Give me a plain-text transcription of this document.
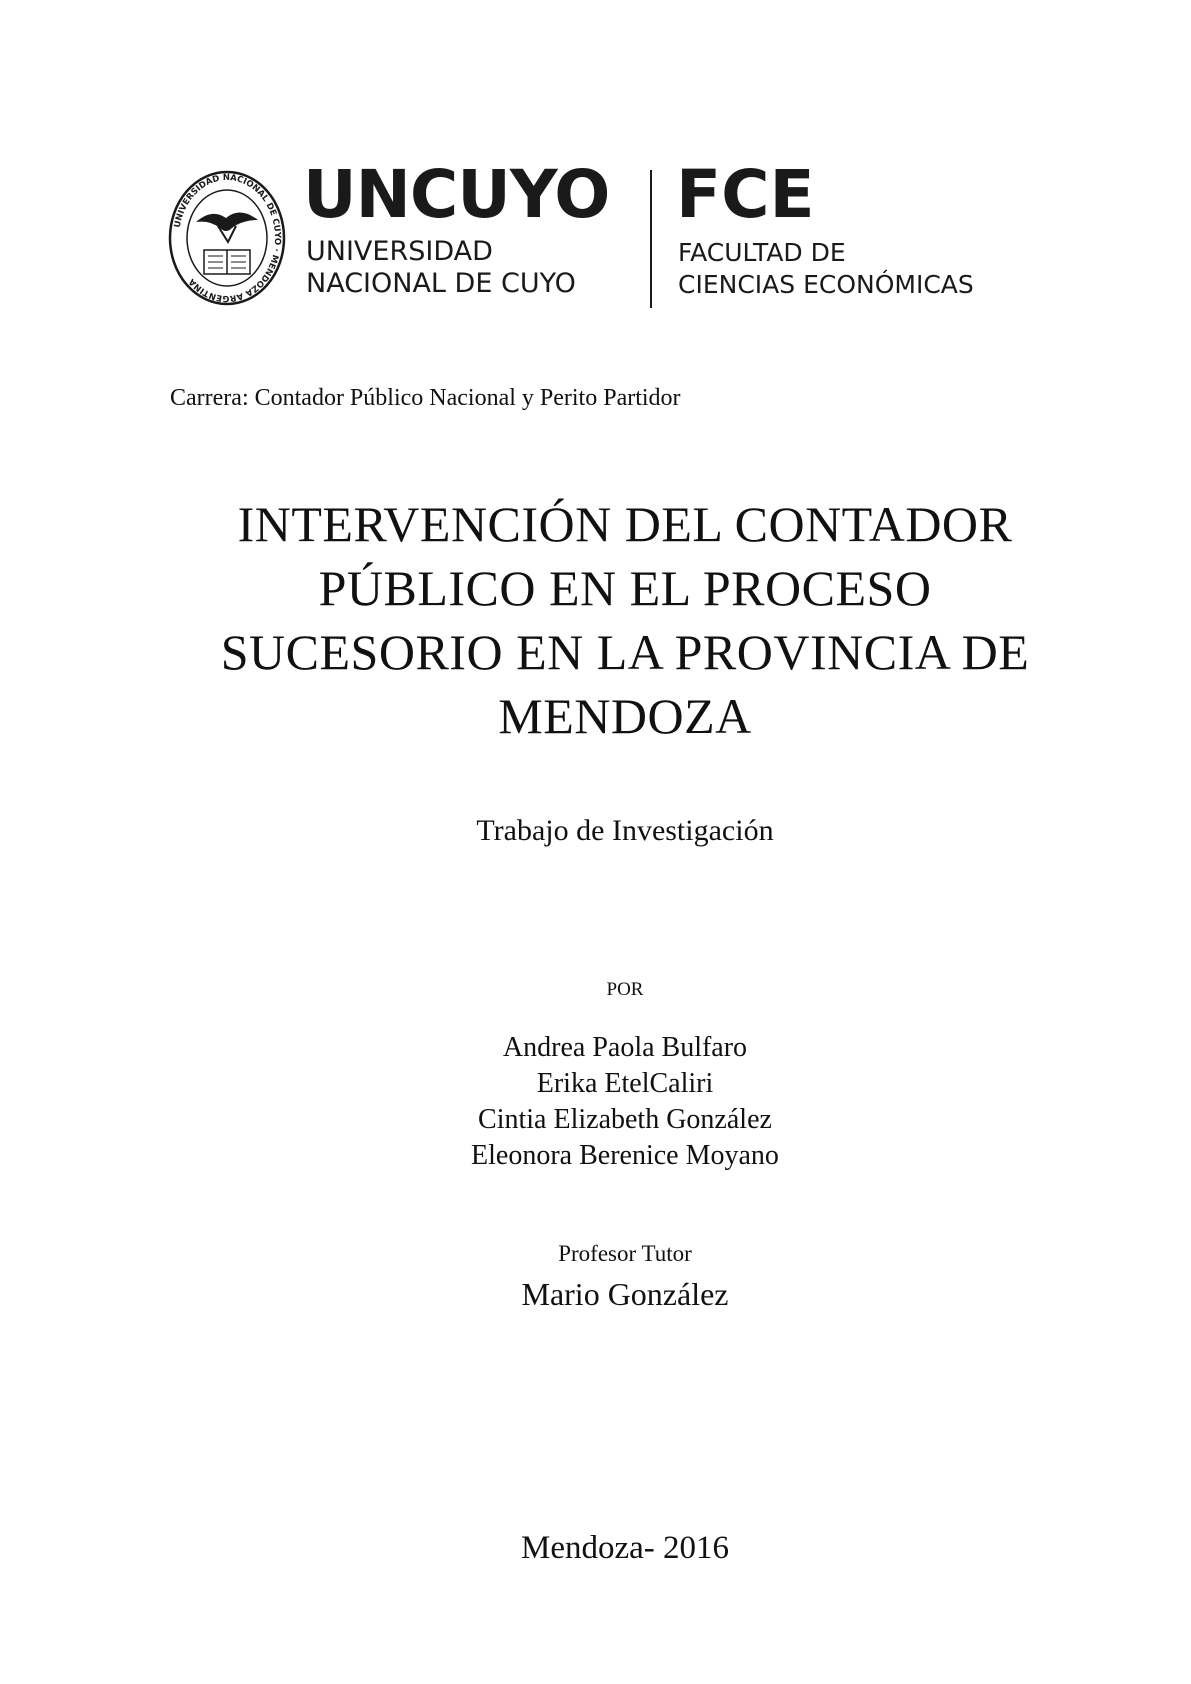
UNIVERSIDAD NACIONAL DE CUYO · MENDOZA ARGENTINA
UNCUYO
UNIVERSIDAD
NACIONAL DE CUYO
FCE
FACULTAD DE
CIENCIAS ECONÓMICAS
Carrera: Contador Público Nacional y Perito Partidor
INTERVENCIÓN DEL CONTADOR
PÚBLICO EN EL PROCESO
SUCESORIO EN LA PROVINCIA DE
MENDOZA
Trabajo de Investigación
POR
Andrea Paola Bulfaro
Erika EtelCaliri
Cintia Elizabeth González
Eleonora Berenice Moyano
Profesor Tutor
Mario González
Mendoza- 2016
